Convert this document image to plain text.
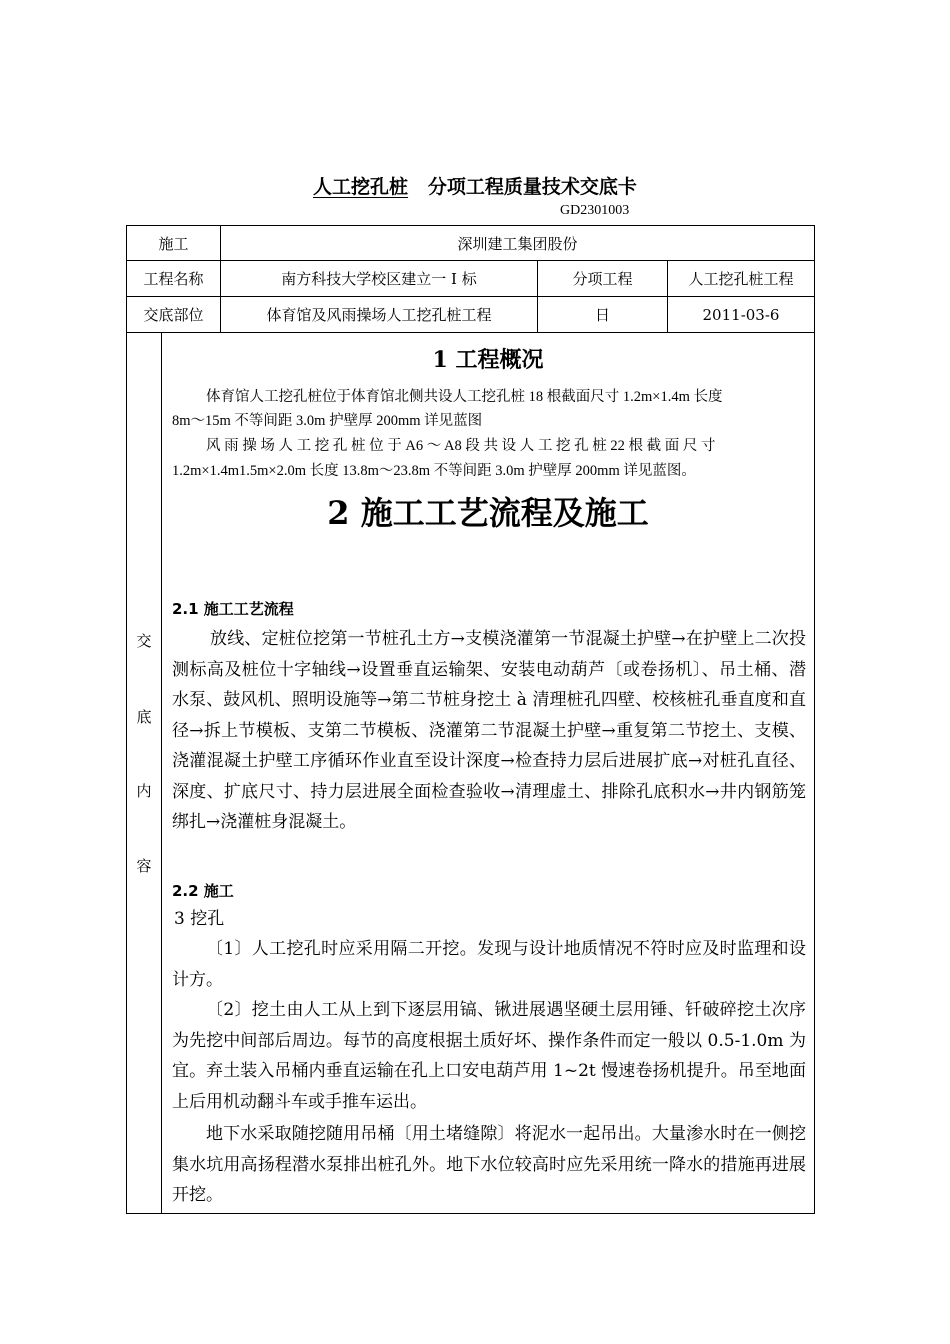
人工挖孔桩 分项工程质量技术交底卡
GD2301003
施工	深圳建工集团股份
工程名称	南方科技大学校区建立一 I 标	分项工程	人工挖孔桩工程
交底部位	体育馆及风雨操场人工挖孔桩工程	日	2011-03-6
交
底
内
容
1 工程概况
体育馆人工挖孔桩位于体育馆北侧共设人工挖孔桩 18 根截面尺寸 1.2m×1.4m 长度
8m～15m 不等间距 3.0m 护壁厚 200mm 详见蓝图
风 雨 操 场 人 工 挖 孔 桩 位 于 A6 ～ A8 段 共 设 人 工 挖 孔 桩 22 根 截 面 尺 寸
1.2m×1.4m1.5m×2.0m 长度 13.8m～23.8m 不等间距 3.0m 护壁厚 200mm 详见蓝图。
2 施工工艺流程及施工
2.1 施工工艺流程
放线、定桩位挖第一节桩孔土方→支模浇灌第一节混凝土护壁→在护壁上二次投测标高及桩位十字轴线→设置垂直运输架、安装电动葫芦〔或卷扬机〕、吊土桶、潜水泵、鼓风机、照明设施等→第二节桩身挖土 à 清理桩孔四壁、校核桩孔垂直度和直径→拆上节模板、支第二节模板、浇灌第二节混凝土护壁→重复第二节挖土、支模、浇灌混凝土护壁工序循环作业直至设计深度→检查持力层后进展扩底→对桩孔直径、深度、扩底尺寸、持力层进展全面检查验收→清理虚土、排除孔底积水→井内钢筋笼绑扎→浇灌桩身混凝土。
2.2 施工
3 挖孔
〔1〕人工挖孔时应采用隔二开挖。发现与设计地质情况不符时应及时监理和设计方。
〔2〕挖土由人工从上到下逐层用镐、锹进展遇坚硬土层用锤、钎破碎挖土次序为先挖中间部后周边。每节的高度根据土质好坏、操作条件而定一般以 0.5-1.0m 为宜。弃土装入吊桶内垂直运输在孔上口安电葫芦用 1~2t 慢速卷扬机提升。吊至地面上后用机动翻斗车或手推车运出。
地下水采取随挖随用吊桶〔用土堵缝隙〕将泥水一起吊出。大量渗水时在一侧挖集水坑用高扬程潜水泵排出桩孔外。地下水位较高时应先采用统一降水的措施再进展开挖。
